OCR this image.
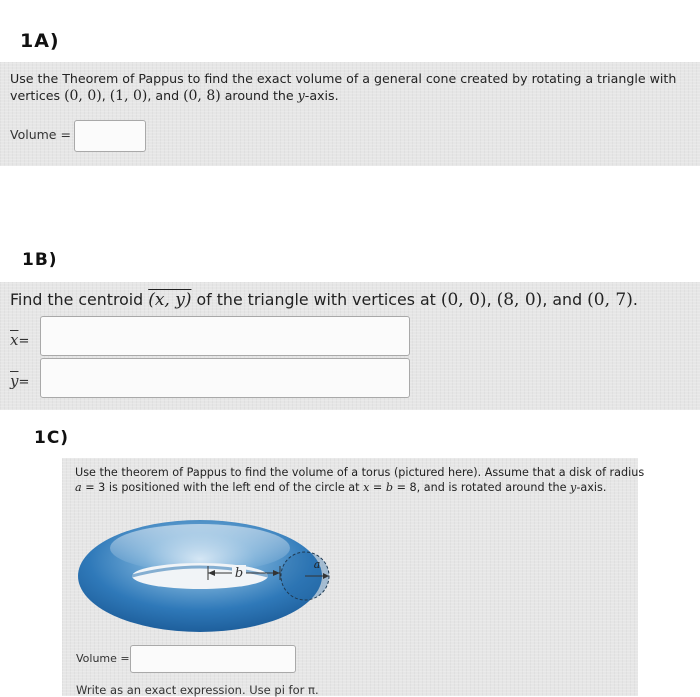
1A)
Use the Theorem of Pappus to find the exact volume of a general cone created by rotating a triangle with
vertices (0, 0), (1, 0), and (0, 8) around the y-axis.
Volume =
1B)
Find the centroid (x, y) of the triangle with vertices at (0, 0), (8, 0), and (0, 7).
$\overline{x}=$
$\overline{y}=$
1C)
Use the theorem of Pappus to find the volume of a torus (pictured here). Assume that a disk of radius
a = 3 is positioned with the left end of the circle at x = b = 8, and is rotated around the y-axis.
b
a
Volume =
Write as an exact expression. Use pi for π.
